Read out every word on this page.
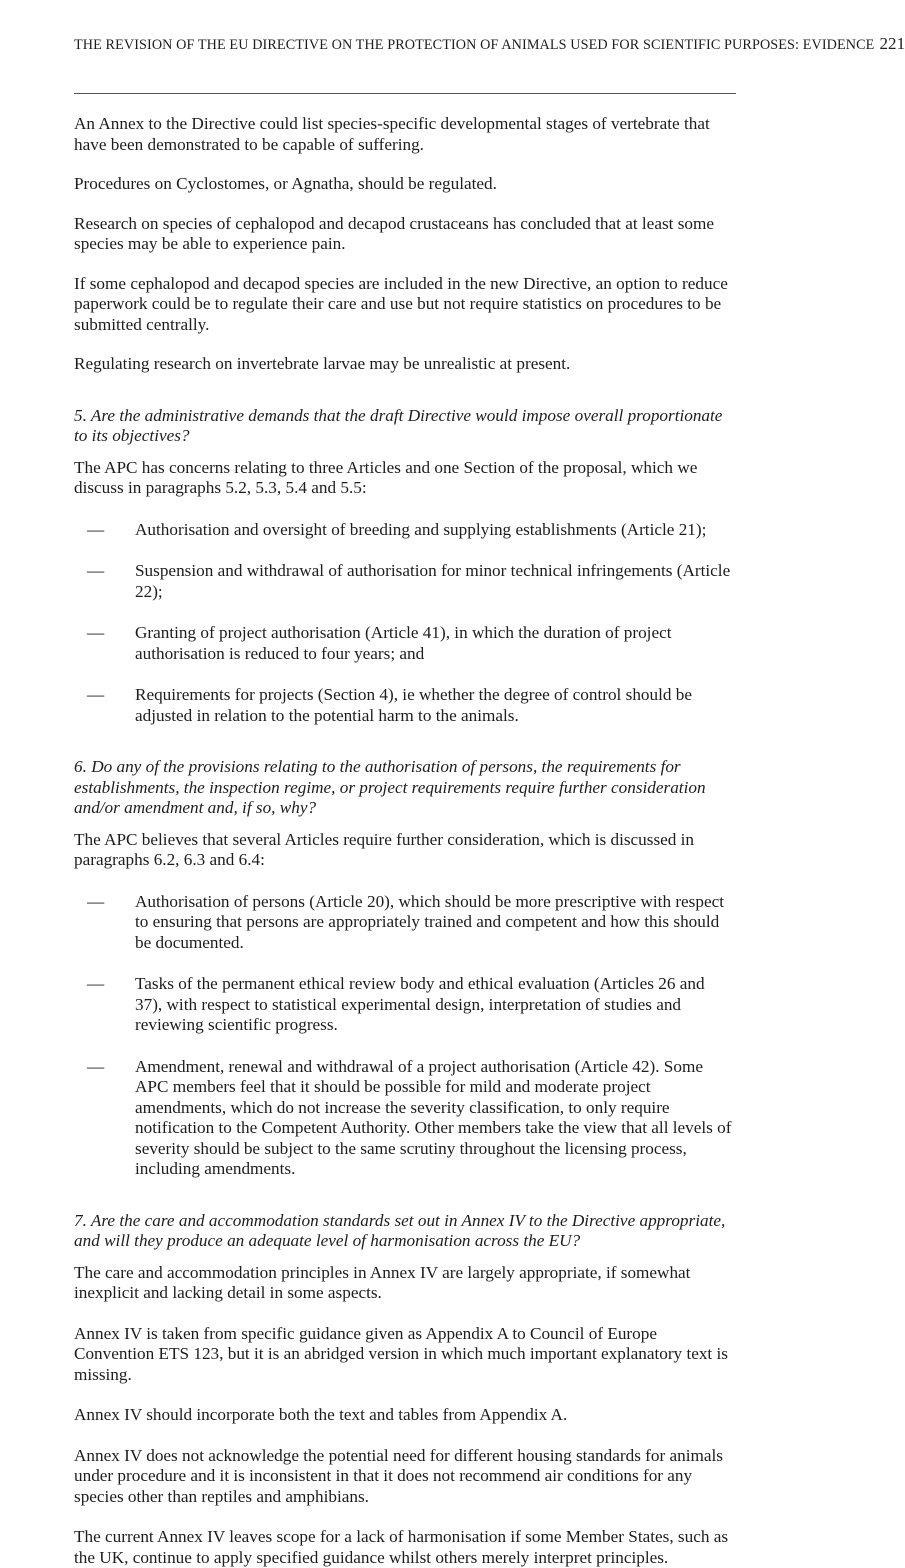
THE REVISION OF THE EU DIRECTIVE ON THE PROTECTION OF ANIMALS USED FOR SCIENTIFIC PURPOSES: EVIDENCE 221

An Annex to the Directive could list species-specific developmental stages of vertebrate that have been demonstrated to be capable of suffering.

Procedures on Cyclostomes, or Agnatha, should be regulated.

Research on species of cephalopod and decapod crustaceans has concluded that at least some species may be able to experience pain.

If some cephalopod and decapod species are included in the new Directive, an option to reduce paperwork could be to regulate their care and use but not require statistics on procedures to be submitted centrally.

Regulating research on invertebrate larvae may be unrealistic at present.

5. Are the administrative demands that the draft Directive would impose overall proportionate to its objectives?

The APC has concerns relating to three Articles and one Section of the proposal, which we discuss in paragraphs 5.2, 5.3, 5.4 and 5.5:

— Authorisation and oversight of breeding and supplying establishments (Article 21);
— Suspension and withdrawal of authorisation for minor technical infringements (Article 22);
— Granting of project authorisation (Article 41), in which the duration of project authorisation is reduced to four years; and
— Requirements for projects (Section 4), ie whether the degree of control should be adjusted in relation to the potential harm to the animals.

6. Do any of the provisions relating to the authorisation of persons, the requirements for establishments, the inspection regime, or project requirements require further consideration and/or amendment and, if so, why?

The APC believes that several Articles require further consideration, which is discussed in paragraphs 6.2, 6.3 and 6.4:

— Authorisation of persons (Article 20), which should be more prescriptive with respect to ensuring that persons are appropriately trained and competent and how this should be documented.
— Tasks of the permanent ethical review body and ethical evaluation (Articles 26 and 37), with respect to statistical experimental design, interpretation of studies and reviewing scientific progress.
— Amendment, renewal and withdrawal of a project authorisation (Article 42). Some APC members feel that it should be possible for mild and moderate project amendments, which do not increase the severity classification, to only require notification to the Competent Authority. Other members take the view that all levels of severity should be subject to the same scrutiny throughout the licensing process, including amendments.

7. Are the care and accommodation standards set out in Annex IV to the Directive appropriate, and will they produce an adequate level of harmonisation across the EU?

The care and accommodation principles in Annex IV are largely appropriate, if somewhat inexplicit and lacking detail in some aspects.

Annex IV is taken from specific guidance given as Appendix A to Council of Europe Convention ETS 123, but it is an abridged version in which much important explanatory text is missing.

Annex IV should incorporate both the text and tables from Appendix A.

Annex IV does not acknowledge the potential need for different housing standards for animals under procedure and it is inconsistent in that it does not recommend air conditions for any species other than reptiles and amphibians.

The current Annex IV leaves scope for a lack of harmonisation if some Member States, such as the UK, continue to apply specified guidance whilst others merely interpret principles.
